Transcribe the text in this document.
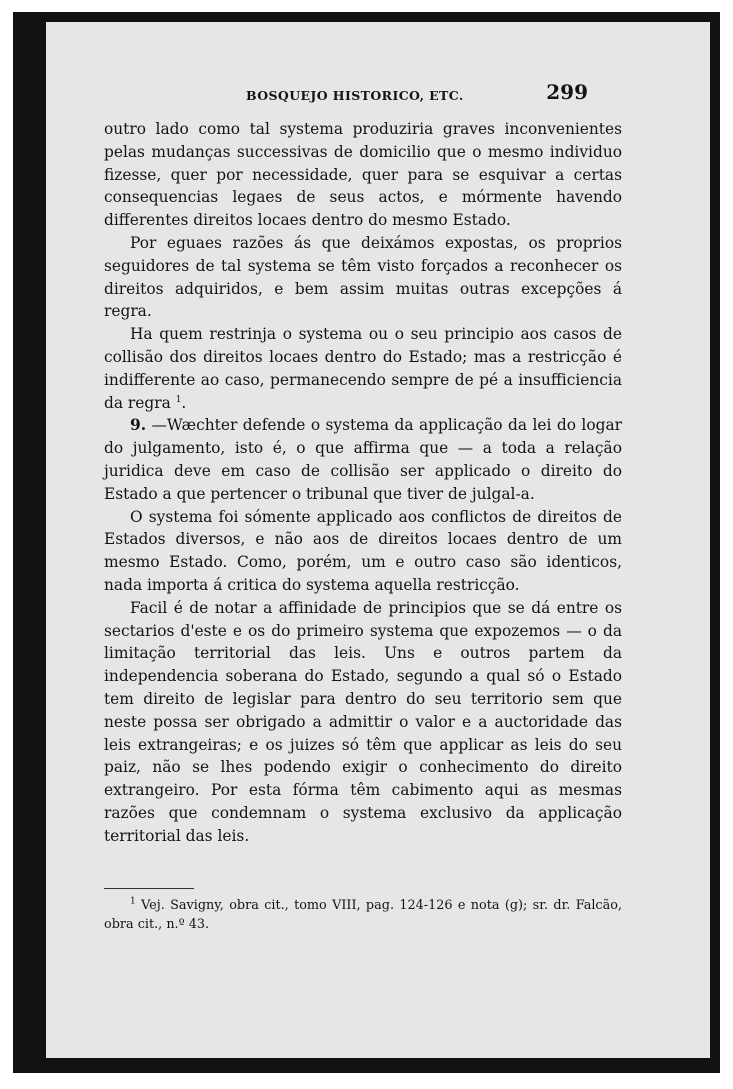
BOSQUEJO HISTORICO, ETC.	299

outro lado como tal systema produziria graves inconvenientes pelas mudanças successivas de domicilio que o mesmo individuo fizesse, quer por necessidade, quer para se esquivar a certas consequencias legaes de seus actos, e mórmente havendo differentes direitos locaes dentro do mesmo Estado.

Por eguaes razões ás que deixámos expostas, os proprios seguidores de tal systema se têm visto forçados a reconhecer os direitos adquiridos, e bem assim muitas outras excepções á regra.

Ha quem restrinja o systema ou o seu principio aos casos de collisão dos direitos locaes dentro do Estado; mas a restricção é indifferente ao caso, permanecendo sempre de pé a insufficiencia da regra $^1$.

9. —Wæchter defende o systema da applicação da lei do logar do julgamento, isto é, o que affirma que — a toda a relação juridica deve em caso de collisão ser applicado o direito do Estado a que pertencer o tribunal que tiver de julgal-a.

O systema foi sómente applicado aos conflictos de direitos de Estados diversos, e não aos de direitos locaes dentro de um mesmo Estado. Como, porém, um e outro caso são identicos, nada importa á critica do systema aquella restricção.

Facil é de notar a affinidade de principios que se dá entre os sectarios d'este e os do primeiro systema que expozemos — o da limitação territorial das leis. Uns e outros partem da independencia soberana do Estado, segundo a qual só o Estado tem direito de legislar para dentro do seu territorio sem que neste possa ser obrigado a admittir o valor e a auctoridade das leis extrangeiras; e os juizes só têm que applicar as leis do seu paiz, não se lhes podendo exigir o conhecimento do direito extrangeiro. Por esta fórma têm cabimento aqui as mesmas razões que condemnam o systema exclusivo da applicação territorial das leis.

$^1$ Vej. Savigny, obra cit., tomo VIII, pag. 124-126 e nota (g); sr. dr. Falcão, obra cit., n.º 43.
